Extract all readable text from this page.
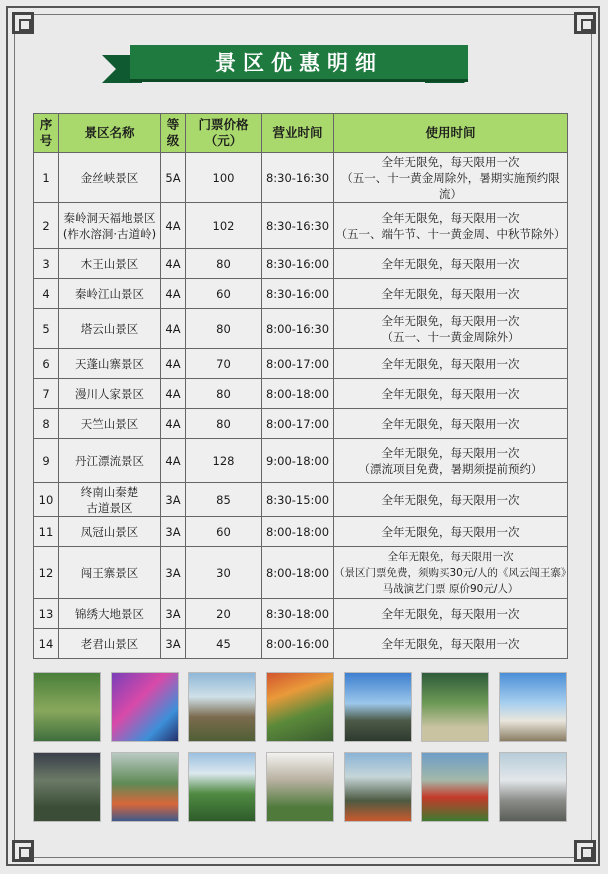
景区优惠明细
序号	景区名称	等级	门票价格（元）	营业时间	使用时间

1	金丝峡景区	5A	100	8:30-16:30	全年无限免，每天限用一次
（五一、十一黄金周除外，暑期实施预约限流）

2	秦岭洞天福地景区
(柞水溶洞·古道岭)	4A	102	8:30-16:30	全年无限免，每天限用一次
（五一、端午节、十一黄金周、中秋节除外）

3	木王山景区	4A	80	8:30-16:00	全年无限免，每天限用一次

4	秦岭江山景区	4A	60	8:30-16:00	全年无限免，每天限用一次

5	塔云山景区	4A	80	8:00-16:30	全年无限免，每天限用一次
（五一、十一黄金周除外）

6	天蓬山寨景区	4A	70	8:00-17:00	全年无限免，每天限用一次

7	漫川人家景区	4A	80	8:00-18:00	全年无限免，每天限用一次

8	天竺山景区	4A	80	8:00-17:00	全年无限免，每天限用一次

9	丹江漂流景区	4A	128	9:00-18:00	全年无限免，每天限用一次
（漂流项目免费，暑期须提前预约）

10	终南山秦楚
古道景区	3A	85	8:30-15:00	全年无限免，每天限用一次

11	凤冠山景区	3A	60	8:00-18:00	全年无限免，每天限用一次

12	闯王寨景区	3A	30	8:00-18:00	全年无限免，每天限用一次
（景区门票免费，须购买30元/人的《风云闯王寨》
马战演艺门票 原价90元/人）

13	锦绣大地景区	3A	20	8:30-18:00	全年无限免，每天限用一次

14	老君山景区	3A	45	8:00-16:00	全年无限免，每天限用一次
